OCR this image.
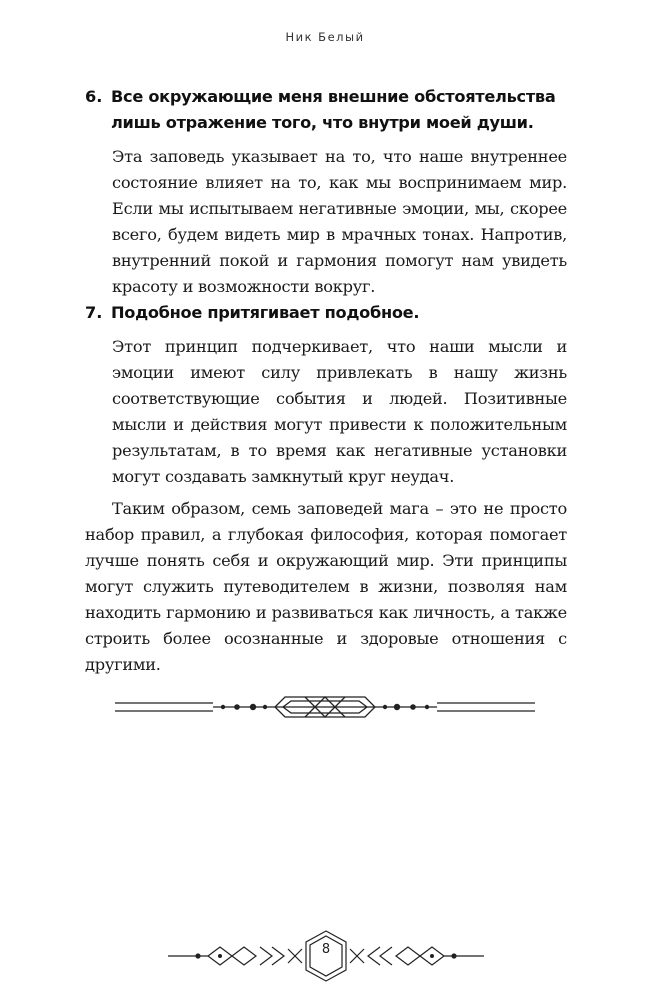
Ник Белый
6. Все окружающие меня внешние обстоятельства лишь отражение того, что внутри моей души.
Эта заповедь указывает на то, что наше внутреннее состояние влияет на то, как мы воспринимаем мир. Если мы испытываем негативные эмоции, мы, скорее всего, будем видеть мир в мрачных тонах. Напротив, внутренний покой и гармония помогут нам увидеть красоту и возможности вокруг.
7. Подобное притягивает подобное.
Этот принцип подчеркивает, что наши мысли и эмоции имеют силу привлекать в нашу жизнь соответствующие события и людей. Позитивные мысли и действия могут привести к положительным результатам, в то время как негативные установки могут создавать замкнутый круг неудач.
Таким образом, семь заповедей мага – это не просто набор правил, а глубокая философия, которая помогает лучше понять себя и окружающий мир. Эти принципы могут служить путеводителем в жизни, позволяя нам находить гармонию и развиваться как личность, а также строить более осознанные и здоровые отношения с другими.
8
